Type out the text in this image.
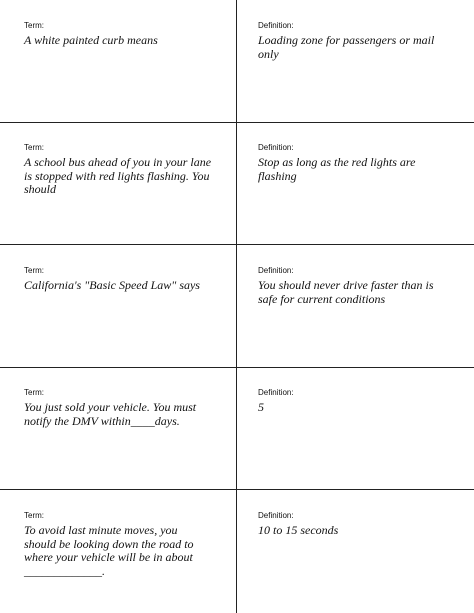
Term:
A white painted curb means
Definition:
Loading zone for passengers or mail
only
Term:
A school bus ahead of you in your lane
is stopped with red lights flashing. You
should
Definition:
Stop as long as the red lights are
flashing
Term:
California's "Basic Speed Law" says
Definition:
You should never drive faster than is
safe for current conditions
Term:
You just sold your vehicle. You must
notify the DMV within____days.
Definition:
5
Term:
To avoid last minute moves, you
should be looking down the road to
where your vehicle will be in about
_____________.
Definition:
10 to 15 seconds
